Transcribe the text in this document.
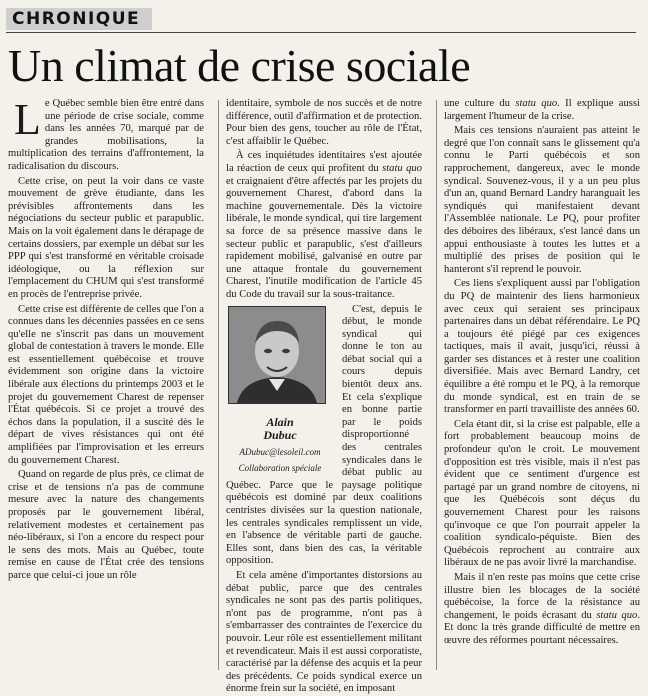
CHRONIQUE
Un climat de crise sociale

Le Québec semble bien être entré dans une période de crise sociale, comme dans les années 70, marqué par de grandes mobilisations, la multiplication des terrains d'affrontement, la radicalisation du discours.

Cette crise, on peut la voir dans ce vaste mouvement de grève étudiante, dans les prévisibles affrontements dans les négociations du secteur public et parapublic. Mais on la voit également dans le dérapage de certains dossiers, par exemple un débat sur les PPP qui s'est transformé en véritable croisade idéologique, ou la réflexion sur l'emplacement du CHUM qui s'est transformé en procès de l'entreprise privée.

Cette crise est différente de celles que l'on a connues dans les décennies passées en ce sens qu'elle ne s'inscrit pas dans un mouvement global de contestation à travers le monde. Elle est essentiellement québécoise et trouve évidemment son origine dans la victoire libérale aux élections du printemps 2003 et le projet du gouvernement Charest de repenser l'État québécois. Si ce projet a trouvé des échos dans la population, il a suscité dès le départ de vives résistances qui ont été amplifiées par l'improvisation et les erreurs du gouvernement Charest.

Quand on regarde de plus près, ce climat de crise et de tensions n'a pas de commune mesure avec la nature des changements proposés par le gouvernement libéral, relativement modestes et certainement pas néo-libéraux, si l'on a encore du respect pour le sens des mots. Mais au Québec, toute remise en cause de l'État crée des tensions parce que celui-ci joue un rôle

identitaire, symbole de nos succès et de notre différence, outil d'affirmation et de protection. Pour bien des gens, toucher au rôle de l'État, c'est affaiblir le Québec.

À ces inquiétudes identitaires s'est ajoutée la réaction de ceux qui profitent du statu quo et craignaient d'être affectés par les projets du gouvernement Charest, d'abord dans la machine gouvernementale. Dès la victoire libérale, le monde syndical, qui tire largement sa force de sa présence massive dans le secteur public et parapublic, s'est d'ailleurs rapidement mobilisé, galvanisé en outre par une attaque frontale du gouvernement Charest, l'inutile modification de l'article 45 du Code du travail sur la sous-traitance.

Alain
Dubuc
ADubuc@lesoleil.com
Collaboration spéciale

C'est, depuis le début, le monde syndical qui donne le ton au débat social qui a cours depuis bientôt deux ans. Et cela s'explique en bonne partie par le poids disproportionné des centrales syndicales dans le débat public au Québec. Parce que le paysage politique québécois est dominé par deux coalitions centristes divisées sur la question nationale, les centrales syndicales remplissent un vide, en l'absence de véritable parti de gauche. Elles sont, dans bien des cas, la véritable opposition.

Et cela amène d'importantes distorsions au débat public, parce que des centrales syndicales ne sont pas des partis politiques, n'ont pas de programme, n'ont pas à s'embarrasser des contraintes de l'exercice du pouvoir. Leur rôle est essentiellement militant et revendicateur. Mais il est aussi corporatiste, caractérisé par la défense des acquis et la peur des précédents. Ce poids syndical exerce un énorme frein sur la société, en imposant

une culture du statu quo. Il explique aussi largement l'humeur de la crise.

Mais ces tensions n'auraient pas atteint le degré que l'on connaît sans le glissement qu'a connu le Parti québécois et son rapprochement, dangereux, avec le monde syndical. Souvenez-vous, il y a un peu plus d'un an, quand Bernard Landry haranguait les syndiqués qui manifestaient devant l'Assemblée nationale. Le PQ, pour profiter des déboires des libéraux, s'est lancé dans un appui enthousiaste à toutes les luttes et a multiplié des prises de position qui le hanteront s'il reprend le pouvoir.

Ces liens s'expliquent aussi par l'obligation du PQ de maintenir des liens harmonieux avec ceux qui seraient ses principaux partenaires dans un débat référendaire. Le PQ a toujours été piégé par ces exigences tactiques, mais il avait, jusqu'ici, réussi à garder ses distances et à rester une coalition diversifiée. Mais avec Bernard Landry, cet équilibre a été rompu et le PQ, à la remorque du monde syndical, est en train de se transformer en parti travailliste des années 60.

Cela étant dit, si la crise est palpable, elle a fort probablement beaucoup moins de profondeur qu'on le croit. Le mouvement d'opposition est très visible, mais il n'est pas évident que ce sentiment d'urgence est partagé par un grand nombre de citoyens, ni que les Québécois sont déçus du gouvernement Charest pour les raisons qu'invoque ce que l'on pourrait appeler la coalition syndicalo-péquiste. Bien des Québécois reprochent au contraire aux libéraux de ne pas avoir livré la marchandise.

Mais il n'en reste pas moins que cette crise illustre bien les blocages de la société québécoise, la force de la résistance au changement, le poids écrasant du statu quo. Et donc la très grande difficulté de mettre en œuvre des réformes pourtant nécessaires.
